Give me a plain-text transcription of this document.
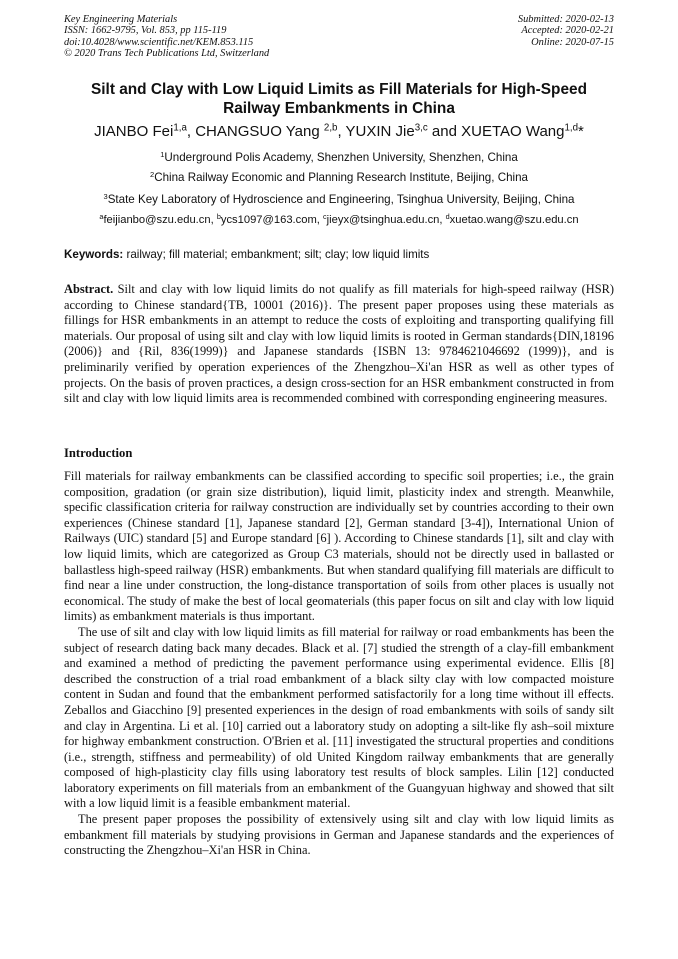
Key Engineering Materials
ISSN: 1662-9795, Vol. 853, pp 115-119
doi:10.4028/www.scientific.net/KEM.853.115
© 2020 Trans Tech Publications Ltd, Switzerland
Submitted: 2020-02-13
Accepted: 2020-02-21
Online: 2020-07-15
Silt and Clay with Low Liquid Limits as Fill Materials for High-Speed Railway Embankments in China
JIANBO Fei$^{1,a}$, CHANGSUO Yang $^{2,b}$, YUXIN Jie$^{3,c}$ and XUETAO Wang$^{1,d}$*
$^1$Underground Polis Academy, Shenzhen University, Shenzhen, China
$^2$China Railway Economic and Planning Research Institute, Beijing, China
$^3$State Key Laboratory of Hydroscience and Engineering, Tsinghua University, Beijing, China
$^a$feijianbo@szu.edu.cn, $^b$ycs1097@163.com, $^c$jieyx@tsinghua.edu.cn, $^d$xuetao.wang@szu.edu.cn
Keywords: railway; fill material; embankment; silt; clay; low liquid limits

Abstract. Silt and clay with low liquid limits do not qualify as fill materials for high-speed railway (HSR) according to Chinese standard{TB, 10001 (2016)}. The present paper proposes using these materials as fillings for HSR embankments in an attempt to reduce the costs of exploiting and transporting qualifying fill materials. Our proposal of using silt and clay with low liquid limits is rooted in German standards{DIN,18196 (2006)} and {Ril, 836(1999)} and Japanese standards {ISBN 13: 9784621046692 (1999)}, and is preliminarily verified by operation experiences of the Zhengzhou–Xi'an HSR as well as other types of projects. On the basis of proven practices, a design cross-section for an HSR embankment constructed in from silt and clay with low liquid limits area is recommended combined with corresponding engineering measures.

Introduction

Fill materials for railway embankments can be classified according to specific soil properties; i.e., the grain composition, gradation (or grain size distribution), liquid limit, plasticity index and strength. Meanwhile, specific classification criteria for railway construction are individually set by countries according to their own experiences (Chinese standard [1], Japanese standard [2], German standard [3-4]), International Union of Railways (UIC) standard [5] and Europe standard [6] ). According to Chinese standards [1], silt and clay with low liquid limits, which are categorized as Group C3 materials, should not be directly used in ballasted or ballastless high-speed railway (HSR) embankments. But when standard qualifying fill materials are difficult to find near a line under construction, the long-distance transportation of soils from other places is usually not economical. The study of make the best of local geomaterials (this paper focus on silt and clay with low liquid limits) as embankment materials is thus important.

The use of silt and clay with low liquid limits as fill material for railway or road embankments has been the subject of research dating back many decades. Black et al. [7] studied the strength of a clay-fill embankment and examined a method of predicting the pavement performance using experimental evidence. Ellis [8] described the construction of a trial road embankment of a black silty clay with low compacted moisture content in Sudan and found that the embankment performed satisfactorily for a long time without ill effects. Zeballos and Giacchino [9] presented experiences in the design of road embankments with soils of sandy silt and clay in Argentina. Li et al. [10] carried out a laboratory study on adopting a silt-like fly ash–soil mixture for highway embankment construction. O'Brien et al. [11] investigated the structural properties and conditions (i.e., strength, stiffness and permeability) of old United Kingdom railway embankments that are generally composed of high-plasticity clay fills using laboratory test results of block samples. Lilin [12] conducted laboratory experiments on fill materials from an embankment of the Guangyuan highway and showed that silt with a low liquid limit is a feasible embankment material.

The present paper proposes the possibility of extensively using silt and clay with low liquid limits as embankment fill materials by studying provisions in German and Japanese standards and the experiences of constructing the Zhengzhou–Xi'an HSR in China.
